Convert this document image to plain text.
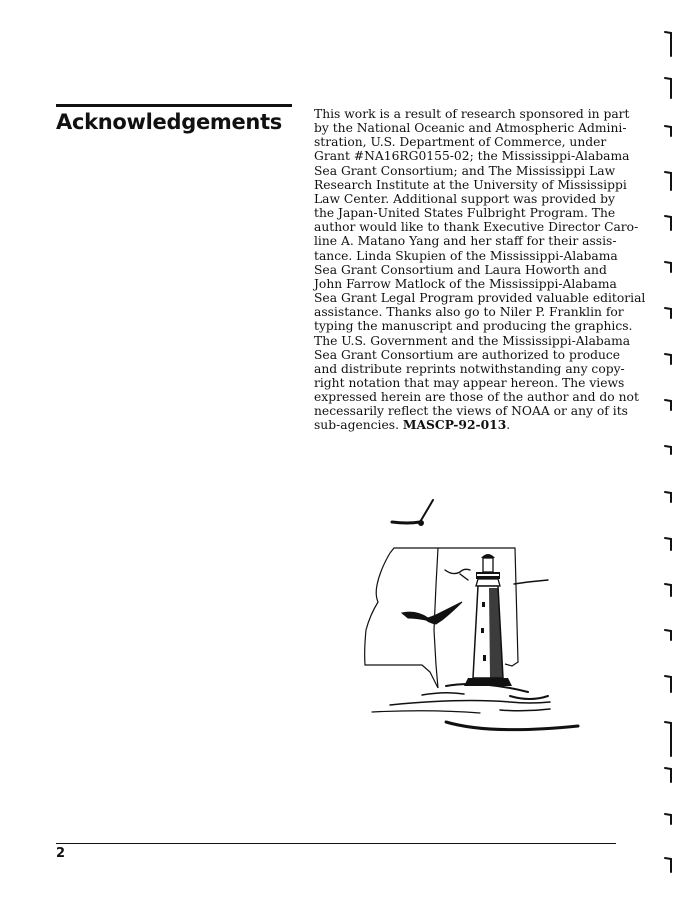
Acknowledgements	This work is a result of research sponsored in part
by the National Oceanic and Atmospheric Admini-
stration, U.S. Department of Commerce, under
Grant #NA16RG0155-02; the Mississippi-Alabama
Sea Grant Consortium; and The Mississippi Law
Research Institute at the University of Mississippi
Law Center. Additional support was provided by
the Japan-United States Fulbright Program. The
author would like to thank Executive Director Caro-
line A. Matano Yang and her staff for their assis-
tance. Linda Skupien of the Mississippi-Alabama
Sea Grant Consortium and Laura Howorth and
John Farrow Matlock of the Mississippi-Alabama
Sea Grant Legal Program provided valuable editorial
assistance. Thanks also go to Niler P. Franklin for
typing the manuscript and producing the graphics.
The U.S. Government and the Mississippi-Alabama
Sea Grant Consortium are authorized to produce
and distribute reprints notwithstanding any copy-
right notation that may appear hereon. The views
expressed herein are those of the author and do not
necessarily reflect the views of NOAA or any of its
sub-agencies. MASCP-92-013.
2
